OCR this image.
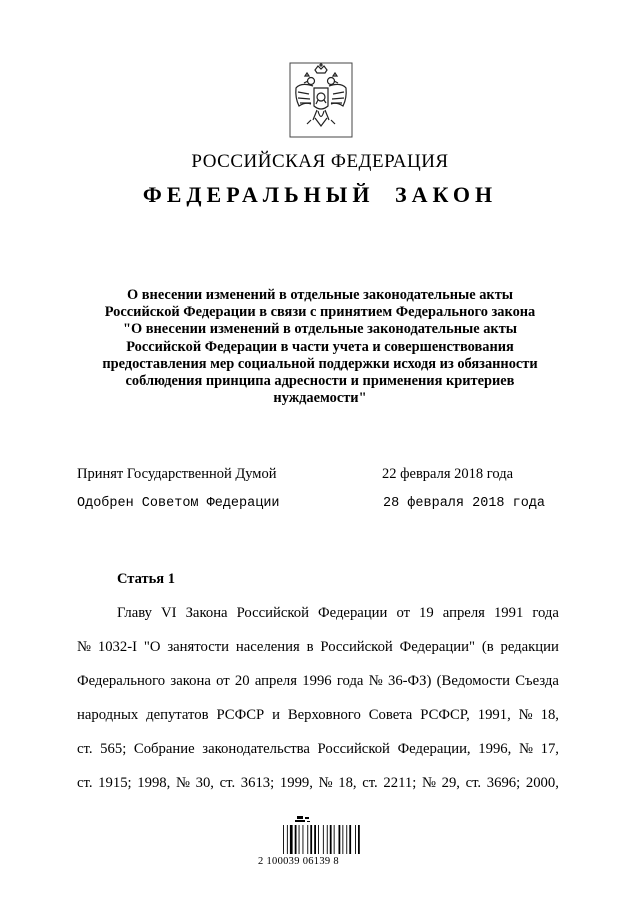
РОССИЙСКАЯ ФЕДЕРАЦИЯ
ФЕДЕРАЛЬНЫЙ ЗАКОН
О внесении изменений в отдельные законодательные акты
Российской Федерации в связи с принятием Федерального закона
"О внесении изменений в отдельные законодательные акты
Российской Федерации в части учета и совершенствования
предоставления мер социальной поддержки исходя из обязанности
соблюдения принципа адресности и применения критериев
нуждаемости"
Принят Государственной Думой	22 февраля 2018 года
Одобрен Советом Федерации	28 февраля 2018 года
Статья 1
Главу VI Закона Российской Федерации от 19 апреля 1991 года
№ 1032-I "О занятости населения в Российской Федерации" (в редакции
Федерального закона от 20 апреля 1996 года № 36-ФЗ) (Ведомости Съезда
народных депутатов РСФСР и Верховного Совета РСФСР, 1991, № 18,
ст. 565; Собрание законодательства Российской Федерации, 1996, № 17,
ст. 1915; 1998, № 30, ст. 3613; 1999, № 18, ст. 2211; № 29, ст. 3696; 2000,
2 100039 06139 8
